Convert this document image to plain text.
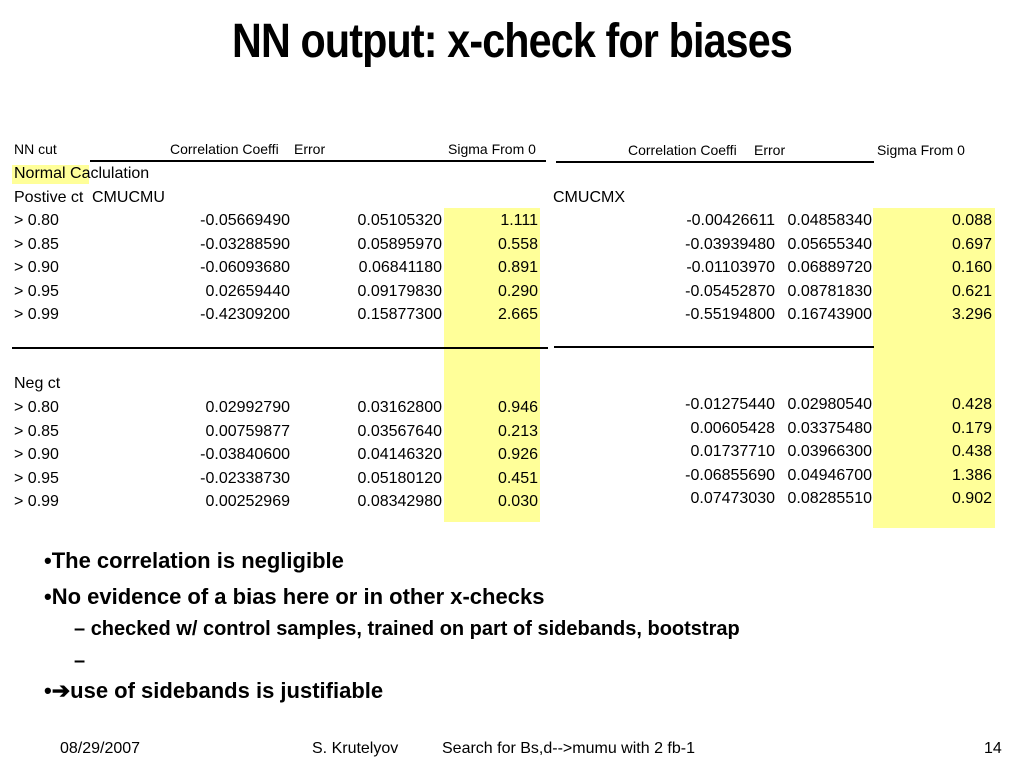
NN output: x-check for biases
NN cut	Correlation Coeffi	Error	Sigma From 0
Normal Caclulation
Postive ct CMUCMU
> 0.80	-0.05669490	0.05105320	1.111
> 0.85	-0.03288590	0.05895970	0.558
> 0.90	-0.06093680	0.06841180	0.891
> 0.95	0.02659440	0.09179830	0.290
> 0.99	-0.42309200	0.15877300	2.665
Neg ct
> 0.80	0.02992790	0.03162800	0.946
> 0.85	0.00759877	0.03567640	0.213
> 0.90	-0.03840600	0.04146320	0.926
> 0.95	-0.02338730	0.05180120	0.451
> 0.99	0.00252969	0.08342980	0.030
Correlation Coeffi Error	Sigma From 0
CMUCMX
-0.00426611 0.04858340	0.088
-0.03939480 0.05655340	0.697
-0.01103970 0.06889720	0.160
-0.05452870 0.08781830	0.621
-0.55194800 0.16743900	3.296
-0.01275440 0.02980540	0.428
0.00605428 0.03375480	0.179
0.01737710 0.03966300	0.438
-0.06855690 0.04946700	1.386
0.07473030 0.08285510	0.902
•The correlation is negligible
•No evidence of a bias here or in other x-checks
– checked w/ control samples, trained on part of sidebands, bootstrap
–
•➔use of sidebands is justifiable
08/29/2007	S. Krutelyov	Search for Bs,d-->mumu with 2 fb-1	14
